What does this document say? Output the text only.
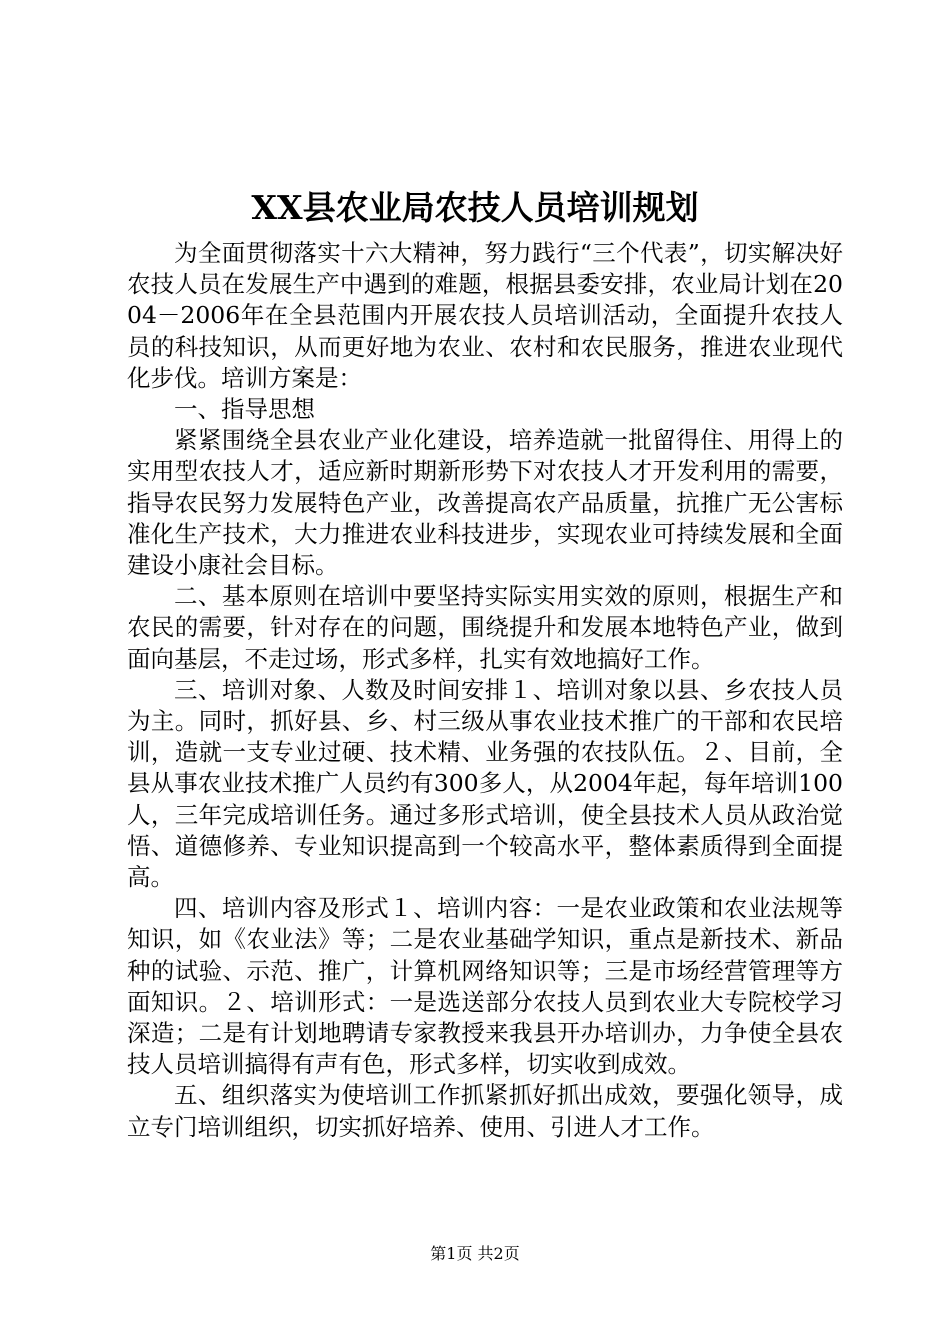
XX县农业局农技人员培训规划

为全面贯彻落实十六大精神，努力践行“三个代表”，切实解决好农技人员在发展生产中遇到的难题，根据县委安排，农业局计划在2004－2006年在全县范围内开展农技人员培训活动，全面提升农技人员的科技知识，从而更好地为农业、农村和农民服务，推进农业现代化步伐。培训方案是：

一、指导思想

紧紧围绕全县农业产业化建设，培养造就一批留得住、用得上的实用型农技人才，适应新时期新形势下对农技人才开发利用的需要，指导农民努力发展特色产业，改善提高农产品质量，抗推广无公害标准化生产技术，大力推进农业科技进步，实现农业可持续发展和全面建设小康社会目标。

二、基本原则在培训中要坚持实际实用实效的原则，根据生产和农民的需要，针对存在的问题，围绕提升和发展本地特色产业，做到面向基层，不走过场，形式多样，扎实有效地搞好工作。

三、培训对象、人数及时间安排１、培训对象以县、乡农技人员为主。同时，抓好县、乡、村三级从事农业技术推广的干部和农民培训，造就一支专业过硬、技术精、业务强的农技队伍。２、目前，全县从事农业技术推广人员约有300多人，从2004年起，每年培训100人，三年完成培训任务。通过多形式培训，使全县技术人员从政治觉悟、道德修养、专业知识提高到一个较高水平，整体素质得到全面提高。

四、培训内容及形式１、培训内容：一是农业政策和农业法规等知识，如《农业法》等；二是农业基础学知识，重点是新技术、新品种的试验、示范、推广，计算机网络知识等；三是市场经营管理等方面知识。２、培训形式：一是选送部分农技人员到农业大专院校学习深造；二是有计划地聘请专家教授来我县开办培训办，力争使全县农技人员培训搞得有声有色，形式多样，切实收到成效。

五、组织落实为使培训工作抓紧抓好抓出成效，要强化领导，成立专门培训组织，切实抓好培养、使用、引进人才工作。

第1页 共2页
